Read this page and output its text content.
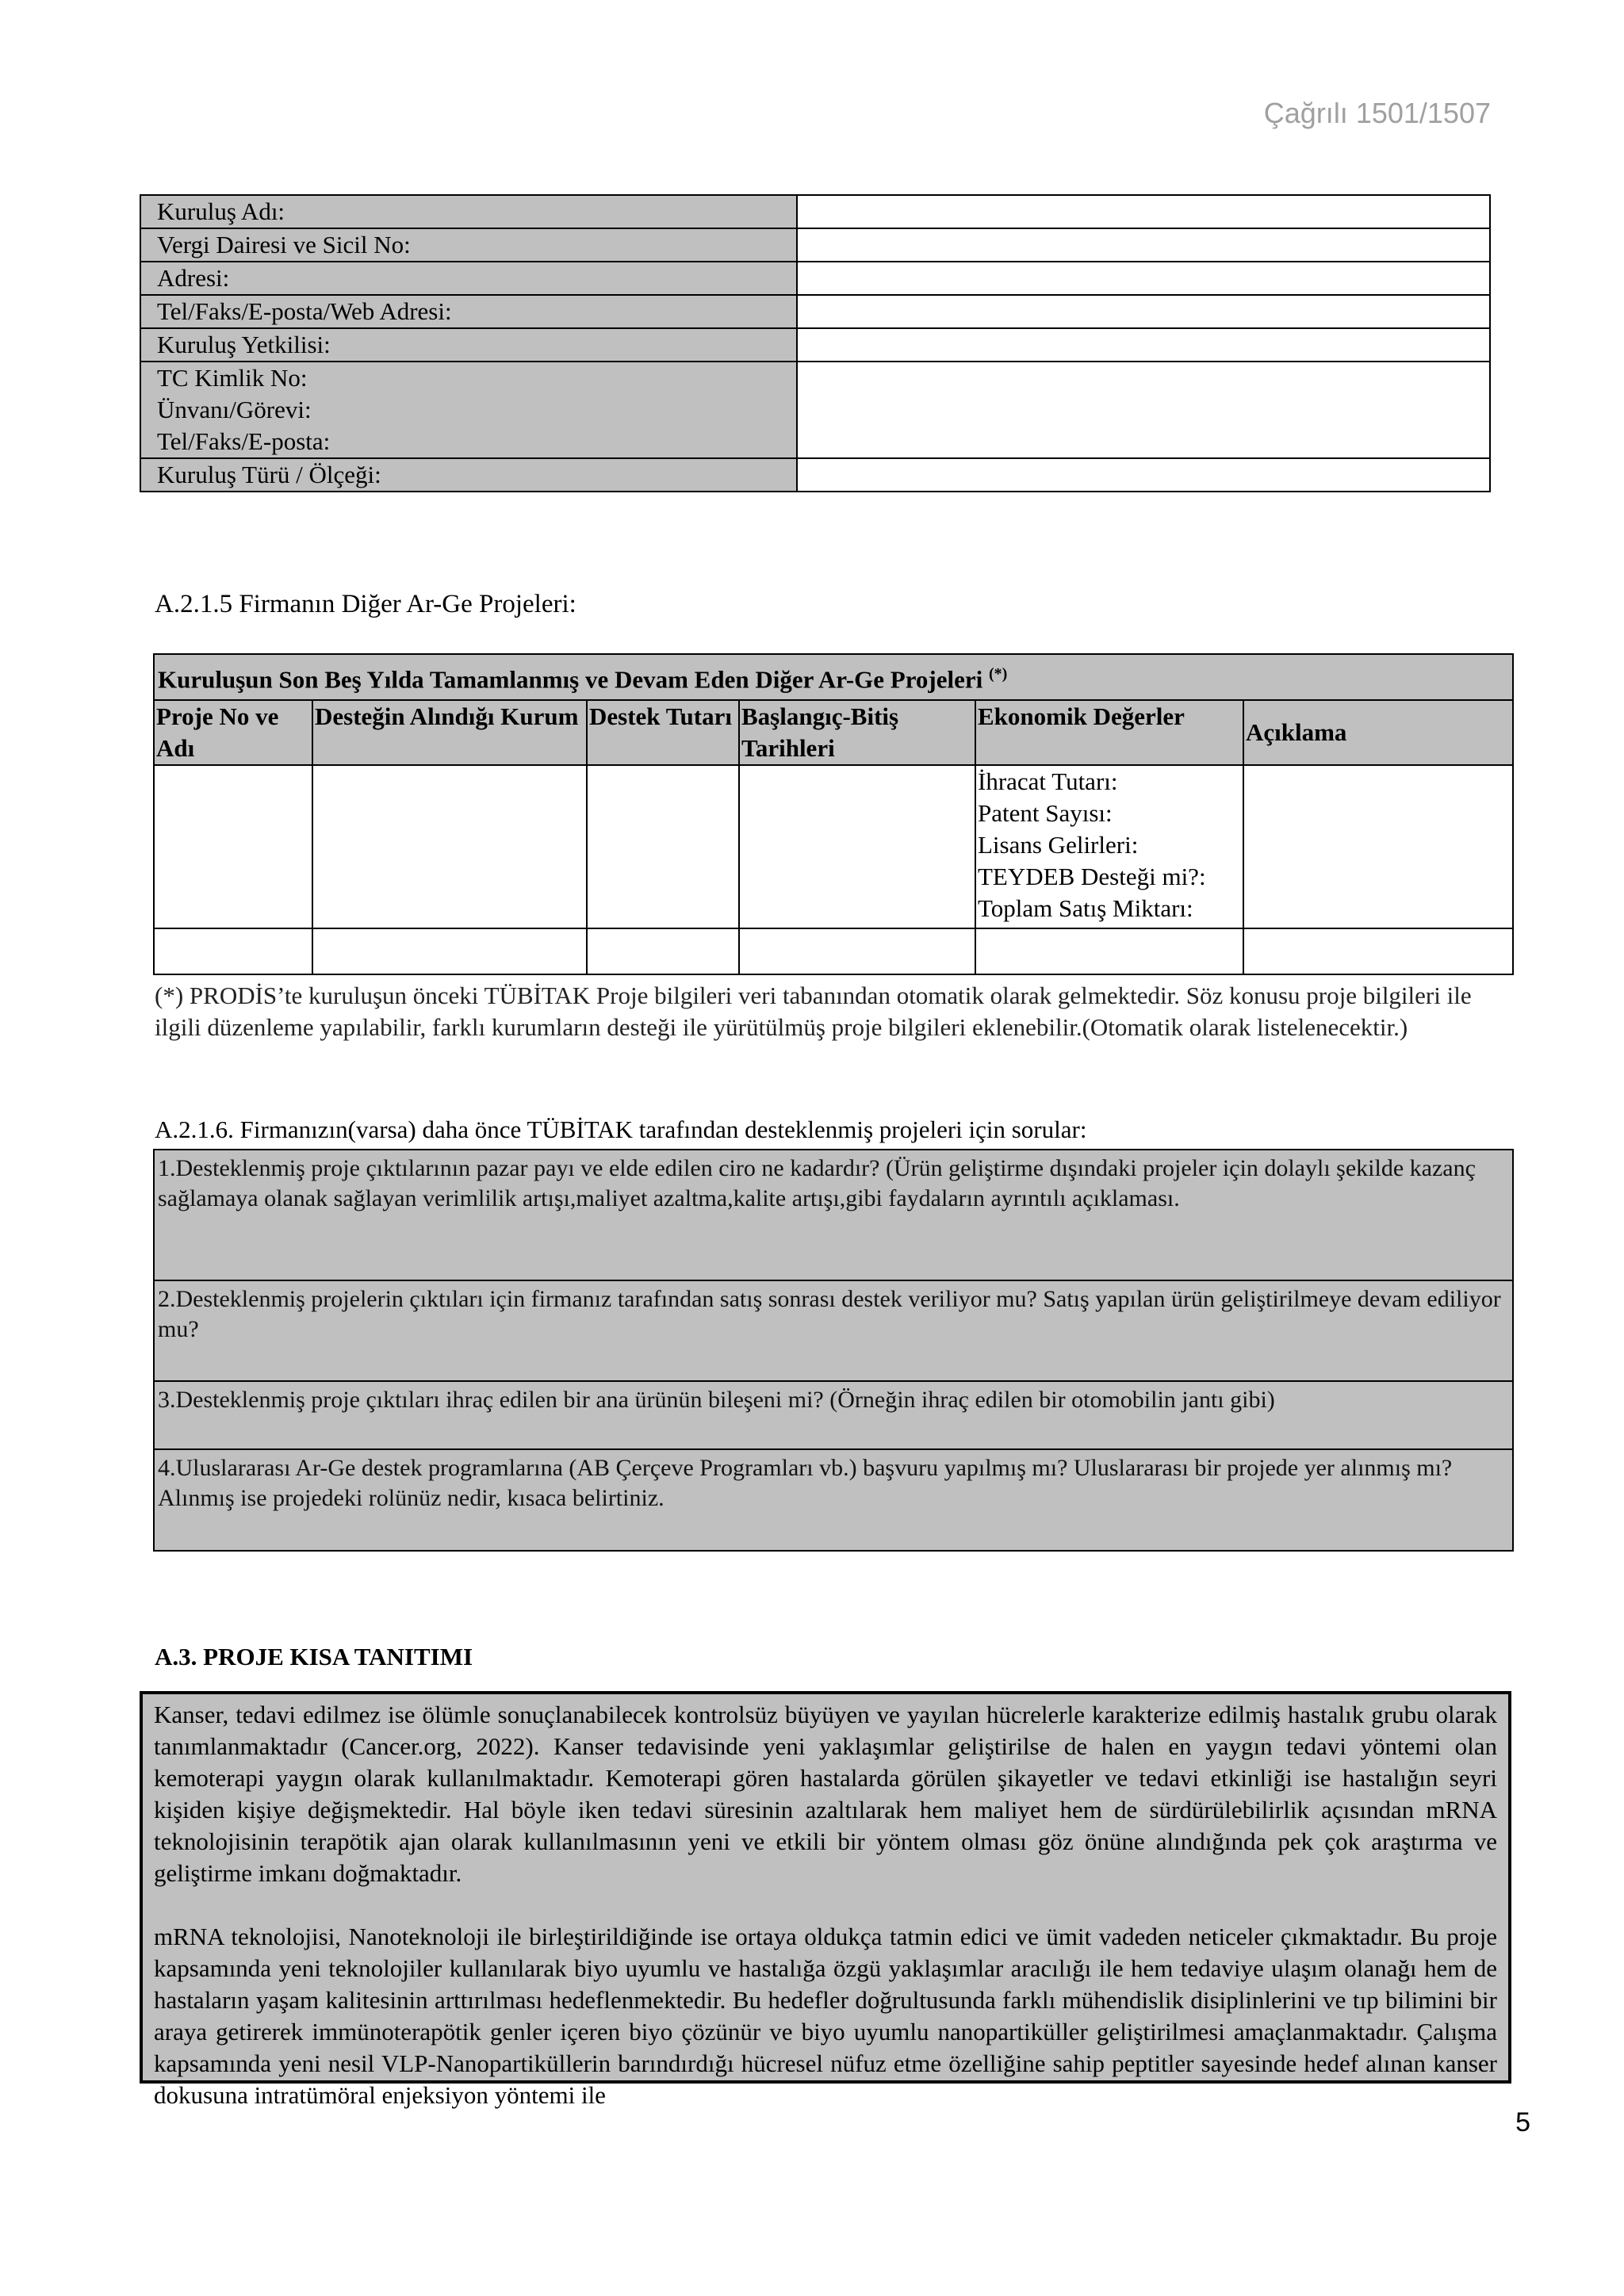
Çağrılı 1501/1507
Kuruluş Adı:	
Vergi Dairesi ve Sicil No:	
Adresi:	
Tel/Faks/E-posta/Web Adresi:	
Kuruluş Yetkilisi:	

TC Kimlik No:
Ünvanı/Görevi:
Tel/Faks/E-posta:	

Kuruluş Türü / Ölçeği:	
A.2.1.5 Firmanın Diğer Ar-Ge Projeleri:
Kuruluşun Son Beş Yılda Tamamlanmış ve Devam Eden Diğer Ar-Ge Projeleri (*)
Proje No ve Adı	Desteğin Alındığı Kurum	Destek Tutarı	Başlangıç-Bitiş Tarihleri	Ekonomik Değerler	Açıklama

				İhracat Tutarı:
Patent Sayısı:
Lisans Gelirleri:
TEYDEB Desteği mi?:
Toplam Satış Miktarı:	

(*) PRODİS’te kuruluşun önceki TÜBİTAK Proje bilgileri veri tabanından otomatik olarak gelmektedir. Söz konusu proje bilgileri ile ilgili düzenleme yapılabilir, farklı kurumların desteği ile yürütülmüş proje bilgileri eklenebilir.(Otomatik olarak listelenecektir.)
A.2.1.6. Firmanızın(varsa) daha önce TÜBİTAK tarafından desteklenmiş projeleri için sorular:
1.Desteklenmiş proje çıktılarının pazar payı ve elde edilen ciro ne kadardır? (Ürün geliştirme dışındaki projeler için dolaylı şekilde kazanç
sağlamaya olanak sağlayan verimlilik artışı,maliyet azaltma,kalite artışı,gibi faydaların ayrıntılı açıklaması.

2.Desteklenmiş projelerin çıktıları için firmanız tarafından satış sonrası destek veriliyor mu? Satış yapılan ürün geliştirilmeye devam ediliyor mu?

3.Desteklenmiş proje çıktıları ihraç edilen bir ana ürünün bileşeni mi? (Örneğin ihraç edilen bir otomobilin jantı gibi)

4.Uluslararası Ar-Ge destek programlarına (AB Çerçeve Programları vb.) başvuru yapılmış mı? Uluslararası bir projede yer alınmış mı? Alınmış ise projedeki rolünüz nedir, kısaca belirtiniz.
A.3. PROJE KISA TANITIMI

Kanser, tedavi edilmez ise ölümle sonuçlanabilecek kontrolsüz büyüyen ve yayılan hücrelerle karakterize edilmiş hastalık grubu olarak tanımlanmaktadır (Cancer.org, 2022). Kanser tedavisinde yeni yaklaşımlar geliştirilse de halen en yaygın tedavi yöntemi olan kemoterapi yaygın olarak kullanılmaktadır. Kemoterapi gören hastalarda görülen şikayetler ve tedavi etkinliği ise hastalığın seyri kişiden kişiye değişmektedir. Hal böyle iken tedavi süresinin azaltılarak hem maliyet hem de sürdürülebilirlik açısından mRNA teknolojisinin terapötik ajan olarak kullanılmasının yeni ve etkili bir yöntem olması göz önüne alındığında pek çok araştırma ve geliştirme imkanı doğmaktadır.

mRNA teknolojisi, Nanoteknoloji ile birleştirildiğinde ise ortaya oldukça tatmin edici ve ümit vadeden neticeler çıkmaktadır. Bu proje kapsamında yeni teknolojiler kullanılarak biyo uyumlu ve hastalığa özgü yaklaşımlar aracılığı ile hem tedaviye ulaşım olanağı hem de hastaların yaşam kalitesinin arttırılması hedeflenmektedir. Bu hedefler doğrultusunda farklı mühendislik disiplinlerini ve tıp bilimini bir araya getirerek immünoterapötik genler içeren biyo çözünür ve biyo uyumlu nanopartiküller geliştirilmesi amaçlanmaktadır. Çalışma kapsamında yeni nesil VLP-Nanopartiküllerin barındırdığı hücresel nüfuz etme özelliğine sahip peptitler sayesinde hedef alınan kanser dokusuna intratümöral enjeksiyon yöntemi ile

5
